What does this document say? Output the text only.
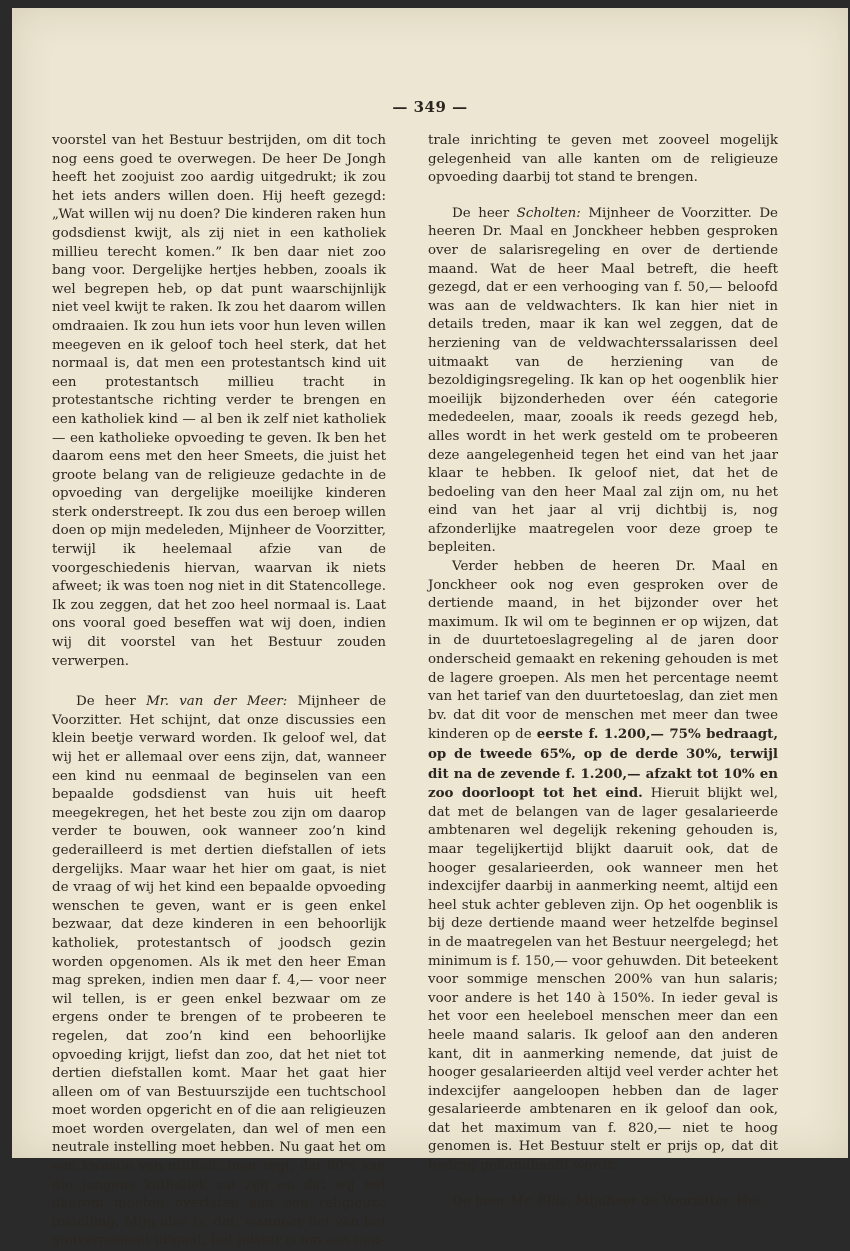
— 349 —

voorstel van het Bestuur bestrijden, om dit toch nog eens goed te overwegen. De heer De Jongh heeft het zoojuist zoo aardig uitgedrukt; ik zou het iets anders willen doen. Hij heeft gezegd: „Wat willen wij nu doen? Die kinderen raken hun godsdienst kwijt, als zij niet in een katholiek millieu terecht komen.” Ik ben daar niet zoo bang voor. Dergelijke hertjes hebben, zooals ik wel begrepen heb, op dat punt waarschijnlijk niet veel kwijt te raken. Ik zou het daarom willen omdraaien. Ik zou hun iets voor hun leven willen meegeven en ik geloof toch heel sterk, dat het normaal is, dat men een protestantsch kind uit een protestantsch millieu tracht in protestantsche richting verder te brengen en een katholiek kind — al ben ik zelf niet katholiek — een katholieke opvoeding te geven. Ik ben het daarom eens met den heer Smeets, die juist het groote belang van de religieuze gedachte in de opvoeding van dergelijke moeilijke kinderen sterk onderstreept. Ik zou dus een beroep willen doen op mijn medeleden, Mijnheer de Voorzitter, terwijl ik heelemaal afzie van de voorgeschiedenis hiervan, waarvan ik niets afweet; ik was toen nog niet in dit Statencollege. Ik zou zeggen, dat het zoo heel normaal is. Laat ons vooral goed beseffen wat wij doen, indien wij dit voorstel van het Bestuur zouden verwerpen.

De heer Mr. van der Meer: Mijnheer de Voorzitter. Het schijnt, dat onze discussies een klein beetje verward worden. Ik geloof wel, dat wij het er allemaal over eens zijn, dat, wanneer een kind nu eenmaal de beginselen van een bepaalde godsdienst van huis uit heeft meegekregen, het het beste zou zijn om daarop verder te bouwen, ook wanneer zoo’n kind gederailleerd is met dertien diefstallen of iets dergelijks. Maar waar het hier om gaat, is niet de vraag of wij het kind een bepaalde opvoeding wenschen te geven, want er is geen enkel bezwaar, dat deze kinderen in een behoorlijk katholiek, protestantsch of joodsch gezin worden opgenomen. Als ik met den heer Eman mag spreken, indien men daar f. 4,— voor neer wil tellen, is er geen enkel bezwaar om ze ergens onder te brengen of te probeeren te regelen, dat zoo’n kind een behoorlijke opvoeding krijgt, liefst dan zoo, dat het niet tot dertien diefstallen komt. Maar het gaat hier alleen om of van Bestuurszijde een tuchtschool moet worden opgericht en of die aan religieuzen moet worden overgelaten, dan wel of men een neutrale instelling moet hebben. Nu gaat het om een kwestie van utiliteit: men zegt, dat 80% van die jongens katholiek zal zijn en dat wij het daarom moeten overlaten aan een religieuze instelling. Mijn idee is, dat, wanneer het van het gouvernement uitgaat, het juister is om een neu-

trale inrichting te geven met zooveel mogelijk gelegenheid van alle kanten om de religieuze opvoeding daarbij tot stand te brengen.

De heer Scholten: Mijnheer de Voorzitter. De heeren Dr. Maal en Jonckheer hebben gesproken over de salarisregeling en over de dertiende maand. Wat de heer Maal betreft, die heeft gezegd, dat er een verhooging van f. 50,— beloofd was aan de veldwachters. Ik kan hier niet in details treden, maar ik kan wel zeggen, dat de herziening van de veldwachterssalarissen deel uitmaakt van de herziening van de bezoldigingsregeling. Ik kan op het oogenblik hier moeilijk bijzonderheden over één categorie mededeelen, maar, zooals ik reeds gezegd heb, alles wordt in het werk gesteld om te probeeren deze aangelegenheid tegen het eind van het jaar klaar te hebben. Ik geloof niet, dat het de bedoeling van den heer Maal zal zijn om, nu het eind van het jaar al vrij dichtbij is, nog afzonderlijke maatregelen voor deze groep te bepleiten.

Verder hebben de heeren Dr. Maal en Jonckheer ook nog even gesproken over de dertiende maand, in het bijzonder over het maximum. Ik wil om te beginnen er op wijzen, dat in de duurtetoeslagregeling al de jaren door onderscheid gemaakt en rekening gehouden is met de lagere groepen. Als men het percentage neemt van het tarief van den duurtetoeslag, dan ziet men bv. dat dit voor de menschen met meer dan twee kinderen op de eerste f. 1.200,— 75% bedraagt, op de tweede 65%, op de derde 30%, terwijl dit na de zevende f. 1.200,— afzakt tot 10% en zoo doorloopt tot het eind. Hieruit blijkt wel, dat met de belangen van de lager gesalarieerde ambtenaren wel degelijk rekening gehouden is, maar tegelijkertijd blijkt daaruit ook, dat de hooger gesalarieerden, ook wanneer men het indexcijfer daarbij in aanmerking neemt, altijd een heel stuk achter gebleven zijn. Op het oogenblik is bij deze dertiende maand weer hetzelfde beginsel in de maatregelen van het Bestuur neergelegd; het minimum is f. 150,— voor gehuwden. Dit beteekent voor sommige menschen 200% van hun salaris; voor andere is het 140 à 150%. In ieder geval is het voor een heeleboel menschen meer dan een heele maand salaris. Ik geloof aan den anderen kant, dit in aanmerking nemende, dat juist de hooger gesalarieerden altijd veel verder achter het indexcijfer aangeloopen hebben dan de lager gesalarieerde ambtenaren en ik geloof dan ook, dat het maximum van f. 820,— niet te hoog genomen is. Het Bestuur stelt er prijs op, dat dit bedrag gehandhaafd wordt.

De heer Mr. Ellis: Mijnheer de Voorzitter. Het
